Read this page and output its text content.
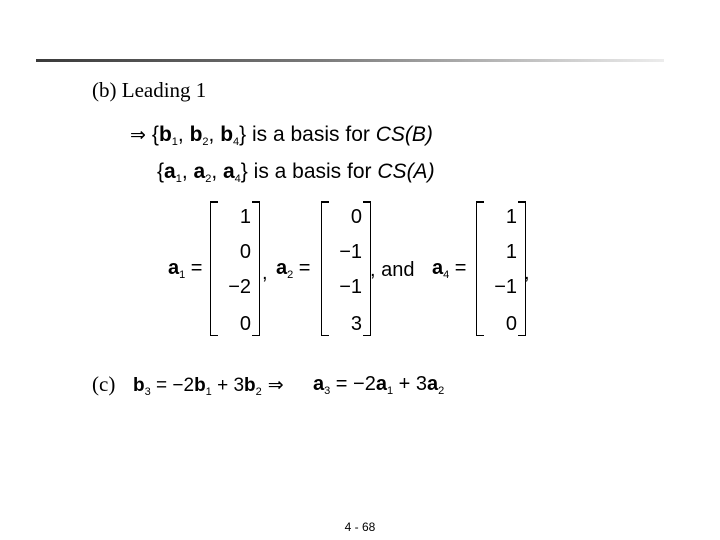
(b) Leading 1
⇒ {$b_1$, $b_2$, $b_4$} is a basis for CS(B)
{$a_1$, $a_2$, $a_4$} is a basis for CS(A)
$a_1$ =
1
0
−2
0
, $a_2$ =
0
−1
−1
3
, and $a_4$ =
1
1
−1
0
,
(c) $b_3 = -2b_1 + 3b_2$ ⇒ $a_3 = -2a_1 + 3a_2$
4 - 68
